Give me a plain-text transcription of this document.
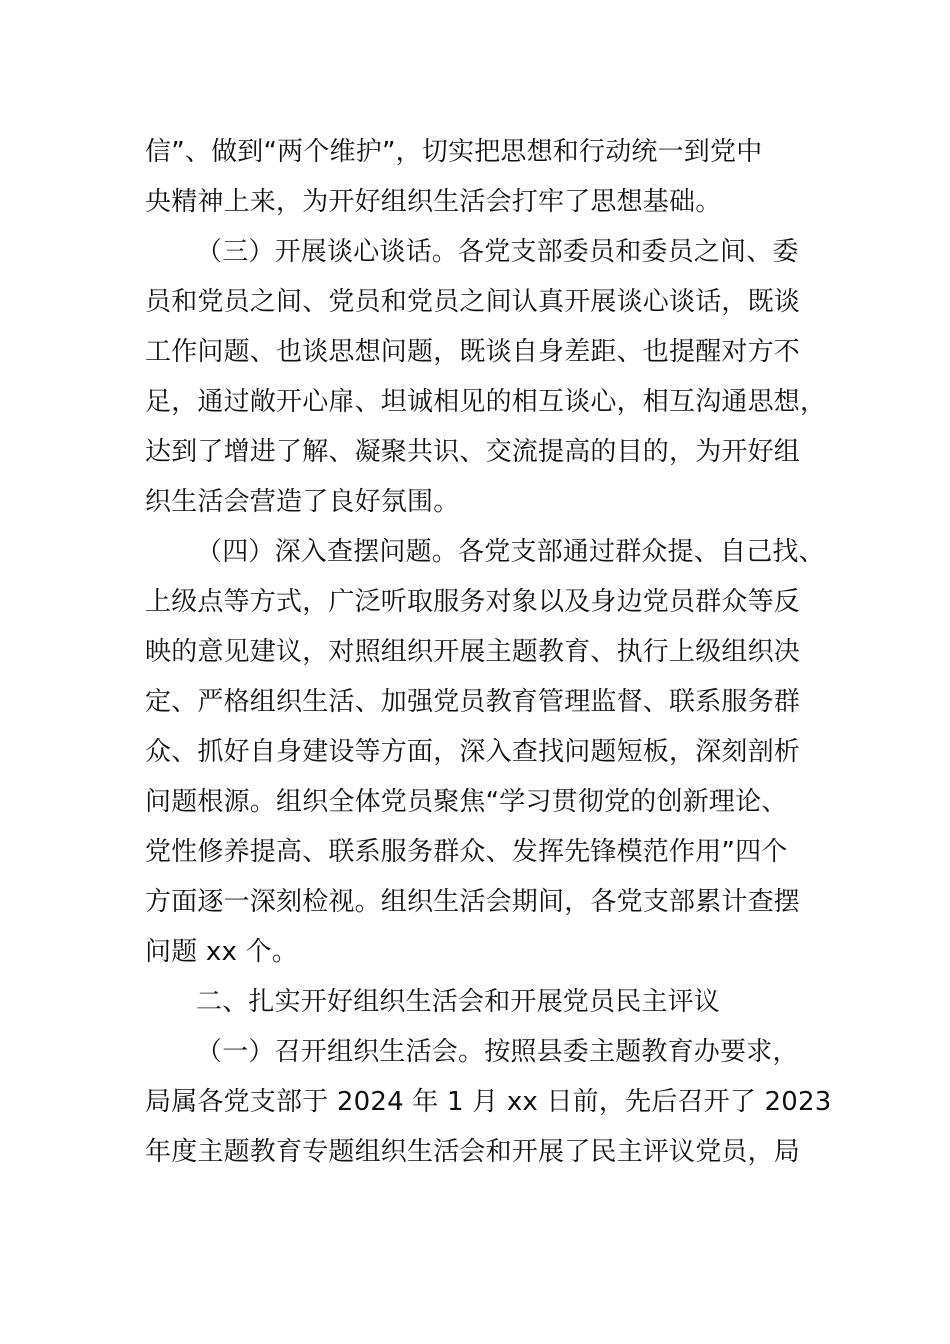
信”、做到“两个维护”，切实把思想和行动统一到党中
央精神上来，为开好组织生活会打牢了思想基础。
（三）开展谈心谈话。各党支部委员和委员之间、委
员和党员之间、党员和党员之间认真开展谈心谈话，既谈
工作问题、也谈思想问题，既谈自身差距、也提醒对方不
足，通过敞开心扉、坦诚相见的相互谈心，相互沟通思想，
达到了增进了解、凝聚共识、交流提高的目的，为开好组
织生活会营造了良好氛围。
（四）深入查摆问题。各党支部通过群众提、自己找、
上级点等方式，广泛听取服务对象以及身边党员群众等反
映的意见建议，对照组织开展主题教育、执行上级组织决
定、严格组织生活、加强党员教育管理监督、联系服务群
众、抓好自身建设等方面，深入查找问题短板，深刻剖析
问题根源。组织全体党员聚焦“学习贯彻党的创新理论、
党性修养提高、联系服务群众、发挥先锋模范作用”四个
方面逐一深刻检视。组织生活会期间，各党支部累计查摆
问题 xx 个。
二、扎实开好组织生活会和开展党员民主评议
（一）召开组织生活会。按照县委主题教育办要求，
局属各党支部于 2024 年 1 月 xx 日前，先后召开了 2023
年度主题教育专题组织生活会和开展了民主评议党员，局
